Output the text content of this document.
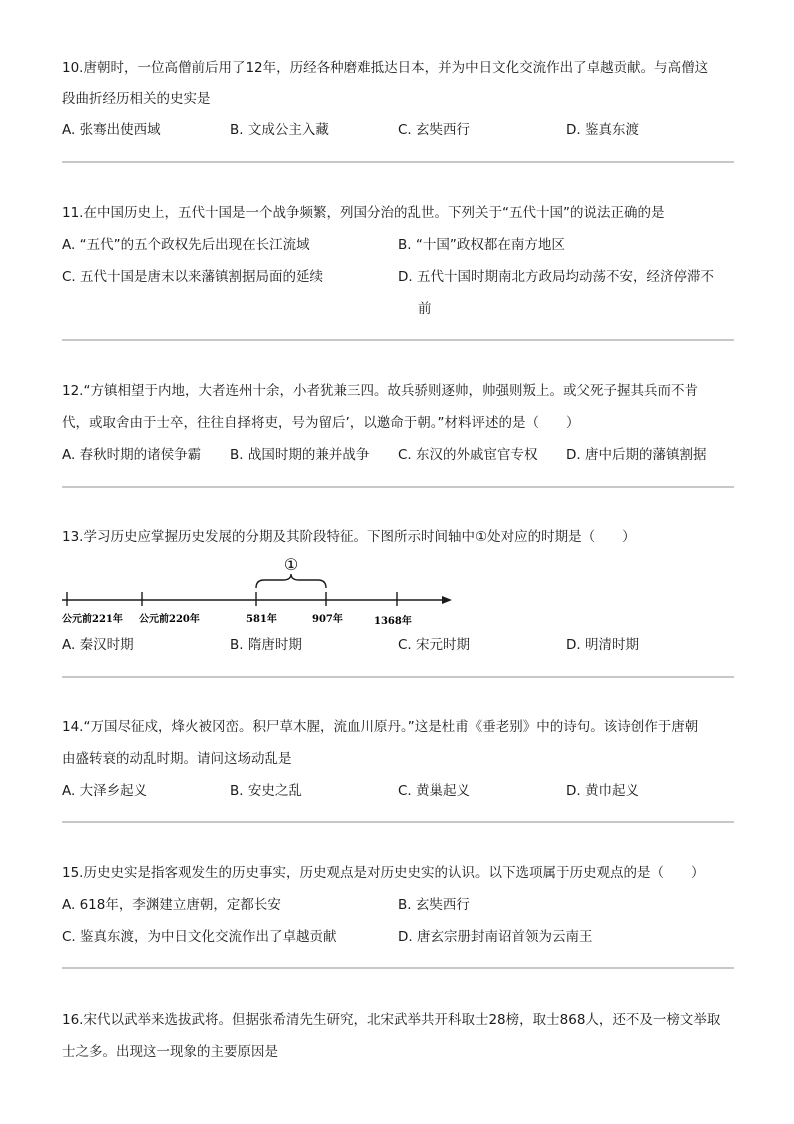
10.唐朝时，一位高僧前后用了12年，历经各种磨难抵达日本，并为中日文化交流作出了卓越贡献。与高僧这
段曲折经历相关的史实是
A. 张骞出使西域	B. 文成公主入藏	C. 玄奘西行	D. 鉴真东渡
11.在中国历史上，五代十国是一个战争频繁，列国分治的乱世。下列关于“五代十国”的说法正确的是
A. “五代”的五个政权先后出现在长江流域	B. “十国”政权都在南方地区
C. 五代十国是唐末以来藩镇割据局面的延续	D. 五代十国时期南北方政局均动荡不安，经济停滞不
前
12.“方镇相望于内地，大者连州十余，小者犹兼三四。故兵骄则逐帅，帅强则叛上。或父死子握其兵而不肯
代，或取舍由于士卒，往往自择将吏，号为留后’，以邀命于朝。”材料评述的是（　　）
A. 春秋时期的诸侯争霸 B. 战国时期的兼并战争 C. 东汉的外戚宦官专权 D. 唐中后期的藩镇割据
13.学习历史应掌握历史发展的分期及其阶段特征。下图所示时间轴中①处对应的时期是（　　）
①
公元前221年 公元前220年	581年	907年	1368年
A. 秦汉时期	B. 隋唐时期	C. 宋元时期	D. 明清时期
14.“万国尽征戍，烽火被冈峦。积尸草木腥，流血川原丹。”这是杜甫《垂老别》中的诗句。该诗创作于唐朝
由盛转衰的动乱时期。请问这场动乱是
A. 大泽乡起义	B. 安史之乱	C. 黄巢起义	D. 黄巾起义
15.历史史实是指客观发生的历史事实，历史观点是对历史史实的认识。以下选项属于历史观点的是（　　）
A. 618年，李渊建立唐朝，定都长安	B. 玄奘西行
C. 鉴真东渡，为中日文化交流作出了卓越贡献	D. 唐玄宗册封南诏首领为云南王
16.宋代以武举来选拔武将。但据张希清先生研究，北宋武举共开科取士28榜，取士868人，还不及一榜文举取
士之多。出现这一现象的主要原因是
